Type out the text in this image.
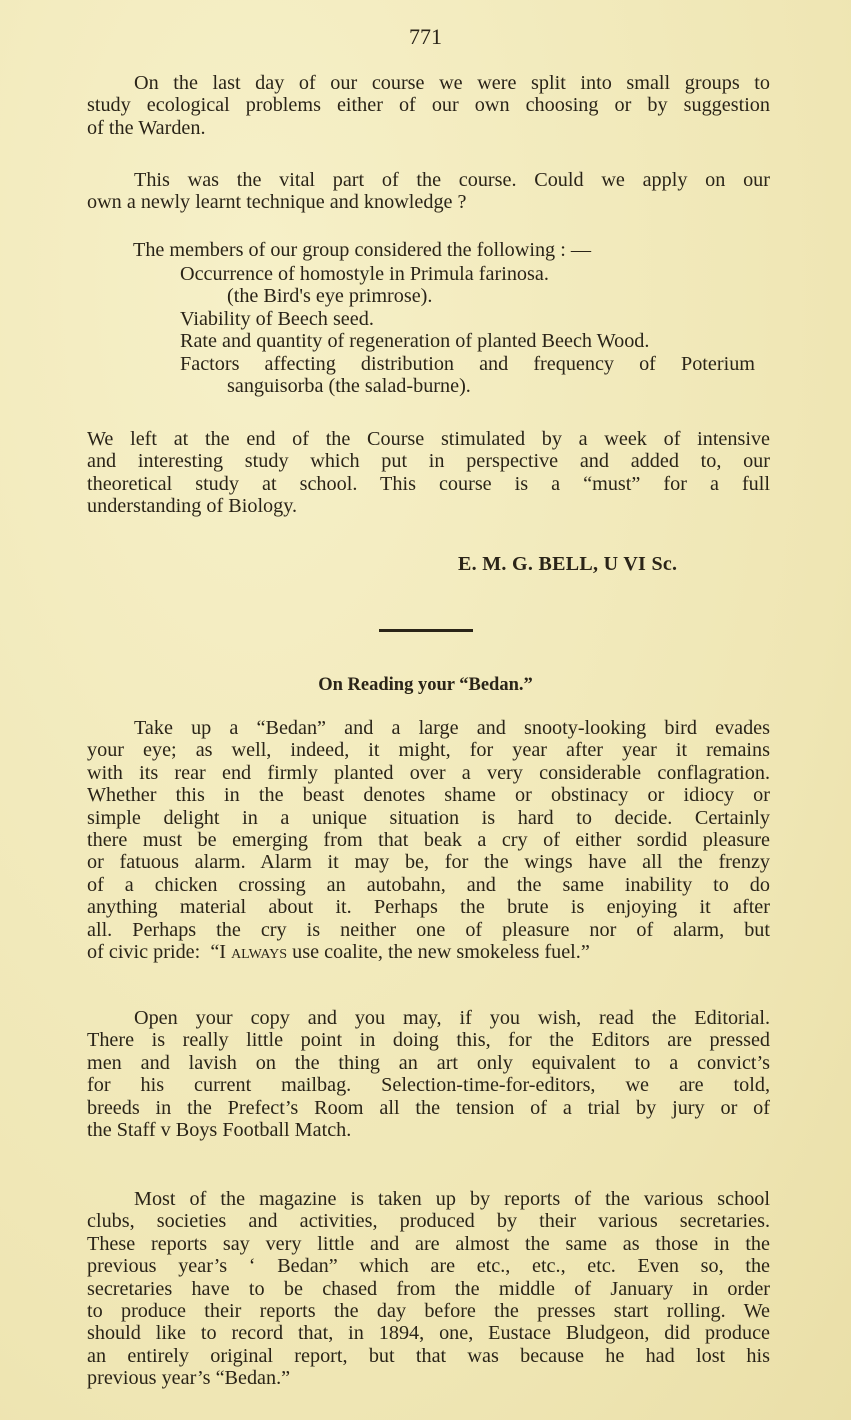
771
On the last day of our course we were split into small groups to
study ecological problems either of our own choosing or by suggestion
of the Warden.
This was the vital part of the course. Could we apply on our
own a newly learnt technique and knowledge ?

The members of our group considered the following : —

Occurrence of homostyle in Primula farinosa.
(the Bird's eye primrose).
Viability of Beech seed.
Rate and quantity of regeneration of planted Beech Wood.
Factors affecting distribution and frequency of Poterium
sanguisorba (the salad-burne).
We left at the end of the Course stimulated by a week of intensive
and interesting study which put in perspective and added to, our
theoretical study at school. This course is a “must” for a full
understanding of Biology.
E. M. G. BELL, U VI Sc.
On Reading your “Bedan.”
Take up a “Bedan” and a large and snooty-looking bird evades
your eye; as well, indeed, it might, for year after year it remains
with its rear end firmly planted over a very considerable conflagration.
Whether this in the beast denotes shame or obstinacy or idiocy or
simple delight in a unique situation is hard to decide. Certainly
there must be emerging from that beak a cry of either sordid pleasure
or fatuous alarm. Alarm it may be, for the wings have all the frenzy
of a chicken crossing an autobahn, and the same inability to do
anything material about it. Perhaps the brute is enjoying it after
all. Perhaps the cry is neither one of pleasure nor of alarm, but
of civic pride:  “I always use coalite, the new smokeless fuel.”
Open your copy and you may, if you wish, read the Editorial.
There is really little point in doing this, for the Editors are pressed
men and lavish on the thing an art only equivalent to a convict’s
for his current mailbag. Selection-time-for-editors, we are told,
breeds in the Prefect’s Room all the tension of a trial by jury or of
the Staff v Boys Football Match.
Most of the magazine is taken up by reports of the various school
clubs, societies and activities, produced by their various secretaries.
These reports say very little and are almost the same as those in the
previous year’s ‘ Bedan” which are etc., etc., etc. Even so, the
secretaries have to be chased from the middle of January in order
to produce their reports the day before the presses start rolling. We
should like to record that, in 1894, one, Eustace Bludgeon, did produce
an entirely original report, but that was because he had lost his
previous year’s “Bedan.”
